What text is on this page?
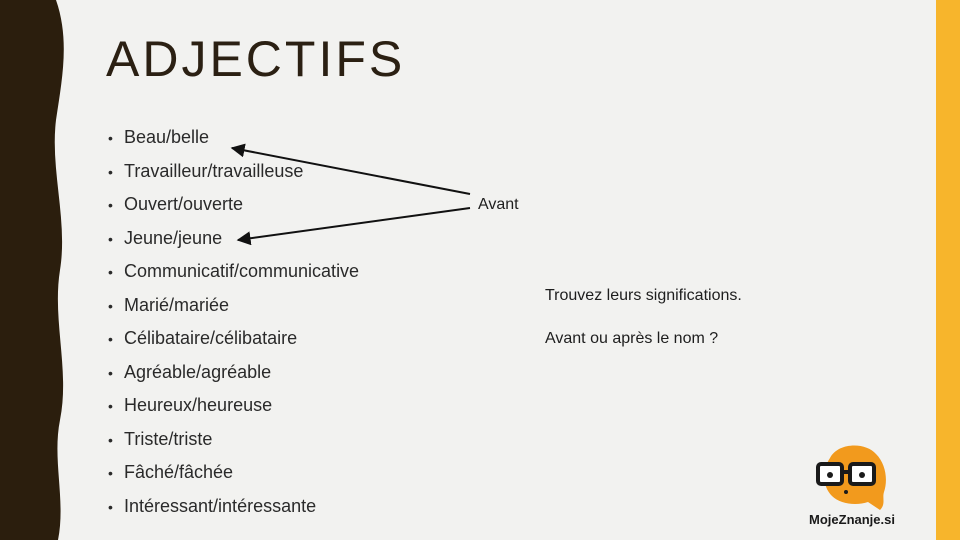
ADJECTIFS
• Beau/belle
• Travailleur/travailleuse
• Ouvert/ouverte
• Jeune/jeune
• Communicatif/communicative
• Marié/mariée
• Célibataire/célibataire
• Agréable/agréable
• Heureux/heureuse
• Triste/triste
• Fâché/fâchée
• Intéressant/intéressante
Avant
Trouvez leurs significations.
Avant ou après le nom ?
MojeZnanje.si
